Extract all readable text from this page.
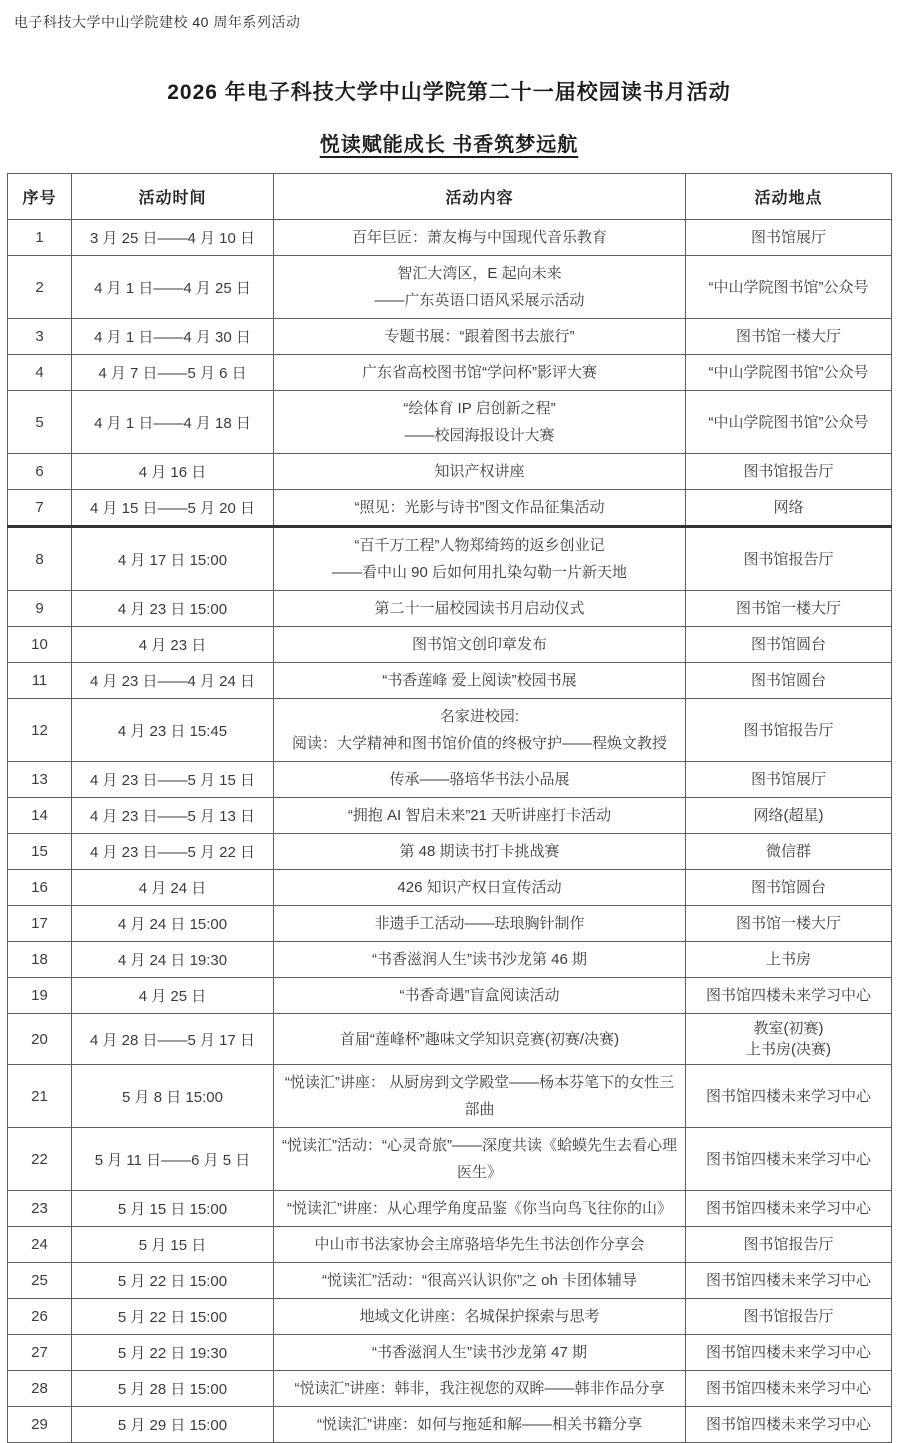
电子科技大学中山学院建校 40 周年系列活动
2026 年电子科技大学中山学院第二十一届校园读书月活动
悦读赋能成长 书香筑梦远航
序号	活动时间	活动内容	活动地点
1	3 月 25 日——4 月 10 日	百年巨匠：萧友梅与中国现代音乐教育	图书馆展厅

2	4 月 1 日——4 月 25 日	智汇大湾区，E 起向未来
——广东英语口语风采展示活动	“中山学院图书馆”公众号

3	4 月 1 日——4 月 30 日	专题书展：“跟着图书去旅行”	图书馆一楼大厅

4	4 月 7 日——5 月 6 日	广东省高校图书馆“学问杯”影评大赛	“中山学院图书馆”公众号

5	4 月 1 日——4 月 18 日	“绘体育 IP 启创新之程”
——校园海报设计大赛	“中山学院图书馆”公众号

6	4 月 16 日	知识产权讲座	图书馆报告厅

7	4 月 15 日——5 月 20 日	“照见：光影与诗书”图文作品征集活动	网络

8	4 月 17 日 15:00	“百千万工程”人物郑绮筠的返乡创业记
——看中山 90 后如何用扎染勾勒一片新天地	图书馆报告厅

9	4 月 23 日 15:00	第二十一届校园读书月启动仪式	图书馆一楼大厅

10	4 月 23 日	图书馆文创印章发布	图书馆圆台

11	4 月 23 日——4 月 24 日	“书香莲峰 爱上阅读”校园书展	图书馆圆台

12	4 月 23 日 15:45	名家进校园:
阅读：大学精神和图书馆价值的终极守护——程焕文教授	图书馆报告厅

13	4 月 23 日——5 月 15 日	传承——骆培华书法小品展	图书馆展厅

14	4 月 23 日——5 月 13 日	“拥抱 AI 智启未来”21 天听讲座打卡活动	网络(超星)

15	4 月 23 日——5 月 22 日	第 48 期读书打卡挑战赛	微信群

16	4 月 24 日	426 知识产权日宣传活动	图书馆圆台

17	4 月 24 日 15:00	非遗手工活动——珐琅胸针制作	图书馆一楼大厅

18	4 月 24 日 19:30	“书香滋润人生”读书沙龙第 46 期	上书房

19	4 月 25 日	“书香奇遇”盲盒阅读活动	图书馆四楼未来学习中心

20	4 月 28 日——5 月 17 日	首届“莲峰杯”趣味文学知识竞赛(初赛/决赛)	教室(初赛)
上书房(决赛)

21	5 月 8 日 15:00	“悦读汇”讲座： 从厨房到文学殿堂——杨本芬笔下的女性三
部曲	图书馆四楼未来学习中心

22	5 月 11 日——6 月 5 日	“悦读汇”活动：“心灵奇旅”——深度共读《蛤蟆先生去看心理
医生》	图书馆四楼未来学习中心

23	5 月 15 日 15:00	“悦读汇”讲座：从心理学角度品鉴《你当向鸟飞往你的山》	图书馆四楼未来学习中心

24	5 月 15 日	中山市书法家协会主席骆培华先生书法创作分享会	图书馆报告厅

25	5 月 22 日 15:00	“悦读汇”活动：“很高兴认识你”之 oh 卡团体辅导	图书馆四楼未来学习中心

26	5 月 22 日 15:00	地域文化讲座：名城保护探索与思考	图书馆报告厅

27	5 月 22 日 19:30	“书香滋润人生”读书沙龙第 47 期	图书馆四楼未来学习中心

28	5 月 28 日 15:00	“悦读汇”讲座：韩非，我注视您的双眸——韩非作品分享	图书馆四楼未来学习中心

29	5 月 29 日 15:00	“悦读汇”讲座：如何与拖延和解——相关书籍分享	图书馆四楼未来学习中心
